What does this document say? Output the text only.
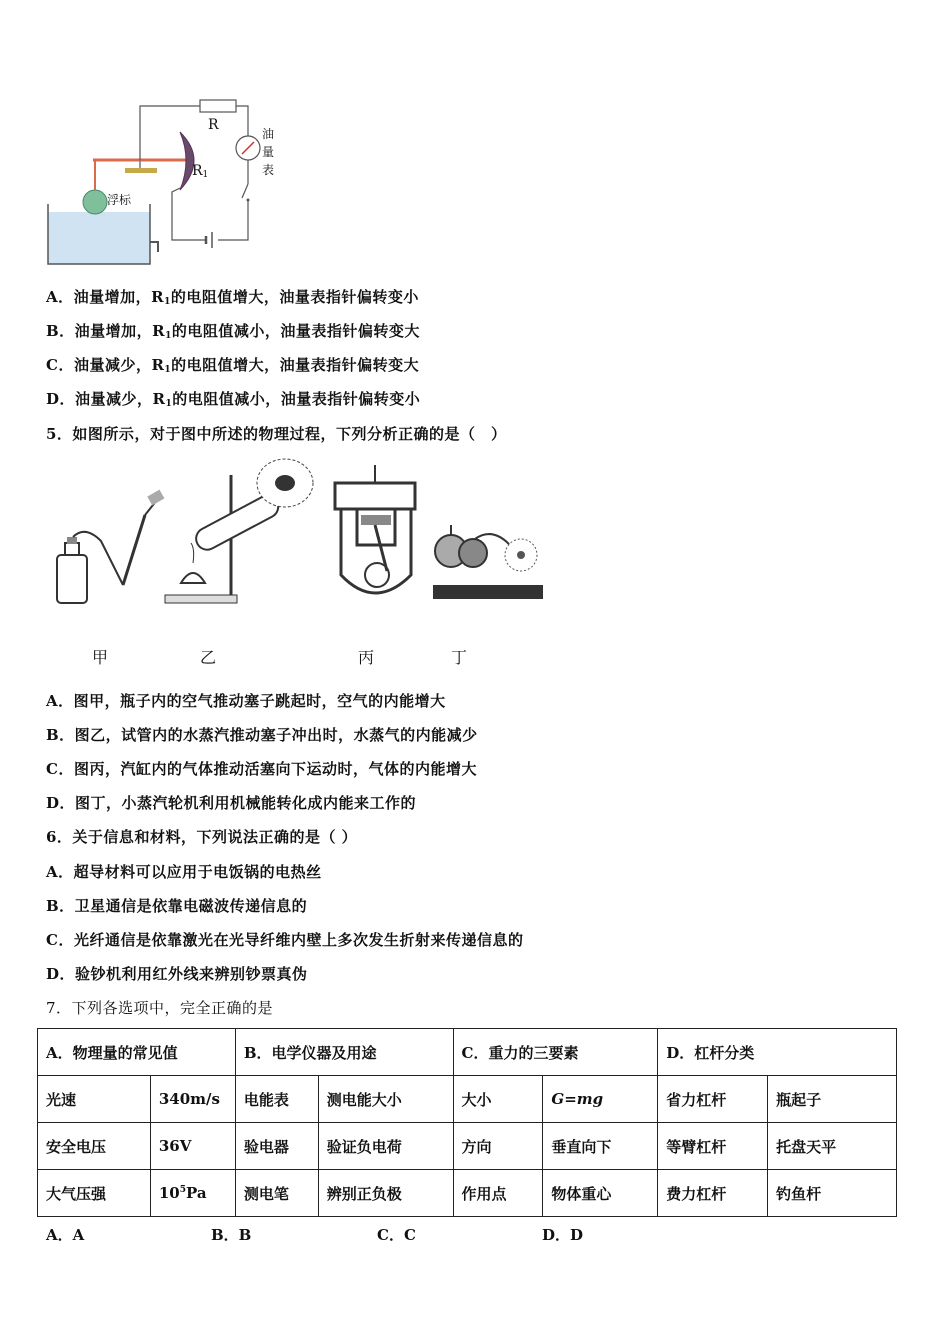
R
$R_1$
浮标
油
量
表
A．油量增加，$R_1$的电阻值增大，油量表指针偏转变小
B．油量增加，$R_1$的电阻值减小，油量表指针偏转变大
C．油量减少，$R_1$的电阻值增大，油量表指针偏转变大
D．油量减少，$R_1$的电阻值减小，油量表指针偏转变小
5．如图所示，对于图中所述的物理过程，下列分析正确的是（　）
甲	乙	丙	丁
A．图甲，瓶子内的空气推动塞子跳起时，空气的内能增大
B．图乙，试管内的水蒸汽推动塞子冲出时，水蒸气的内能减少
C．图丙，汽缸内的气体推动活塞向下运动时，气体的内能增大
D．图丁，小蒸汽轮机利用机械能转化成内能来工作的
6．关于信息和材料，下列说法正确的是（ ）
A．超导材料可以应用于电饭锅的电热丝
B．卫星通信是依靠电磁波传递信息的
C．光纤通信是依靠激光在光导纤维内壁上多次发生折射来传递信息的
D．验钞机利用红外线来辨别钞票真伪
7．下列各选项中，完全正确的是
A．物理量的常见值		B．电学仪器及用途		C．重力的三要素		D．杠杆分类	
光速	340m/s	电能表	测电能大小	大小	G=mg	省力杠杆	瓶起子
安全电压	36V	验电器	验证负电荷	方向	垂直向下	等臂杠杆	托盘天平
大气压强	$10^5Pa$	测电笔	辨别正负极	作用点	物体重心	费力杠杆	钓鱼杆
A．A	B．B	C．C	D．D
